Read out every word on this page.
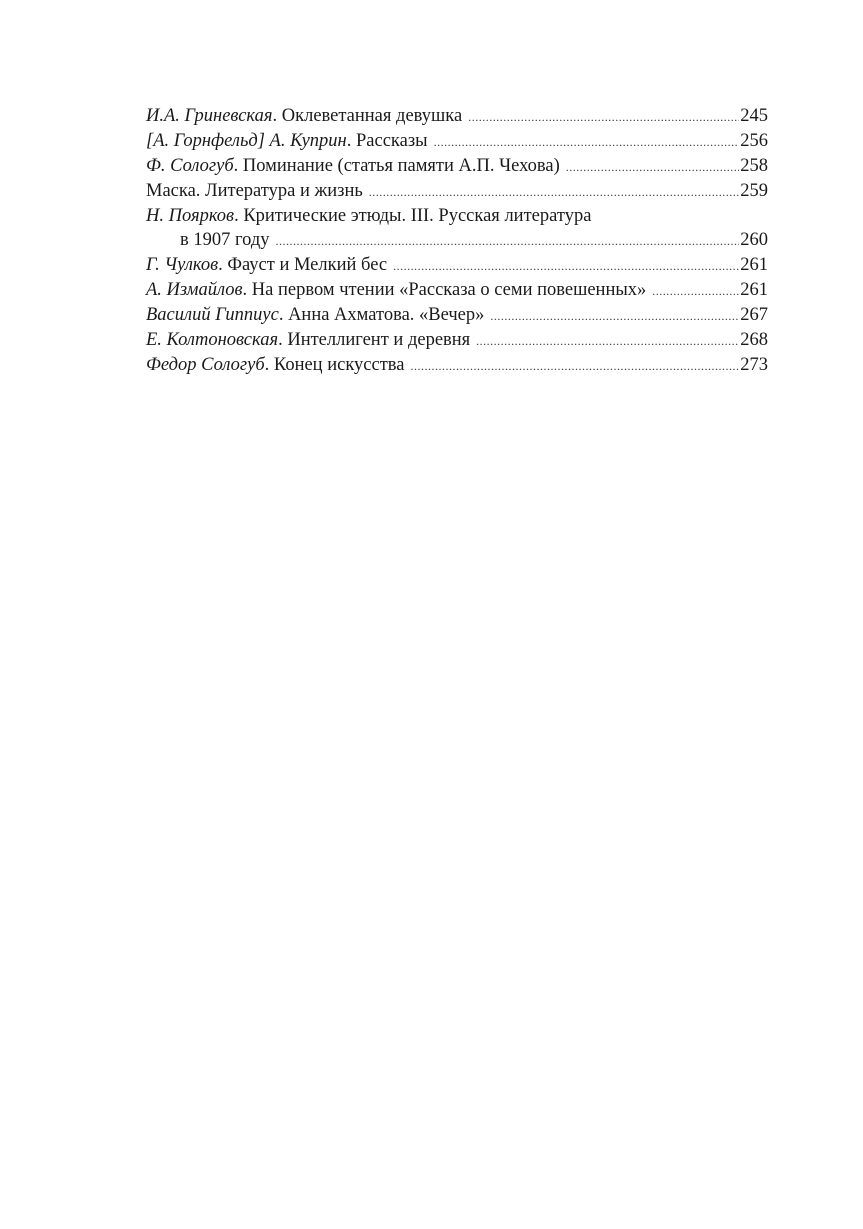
И.А. Гриневская. Оклеветанная девушка .....	245
[А. Горнфельд] А. Куприн. Рассказы .....	256
Ф. Сологуб. Поминание (статья памяти А.П. Чехова) .....	258
Маска. Литература и жизнь .....	259
Н. Поярков. Критические этюды. III. Русская литература
в 1907 году .....	260
Г. Чулков. Фауст и Мелкий бес .....	261
А. Измайлов. На первом чтении «Рассказа о семи повешенных» .....	261
Василий Гиппиус. Анна Ахматова. «Вечер» .....	267
Е. Колтоновская. Интеллигент и деревня .....	268
Федор Сологуб. Конец искусства .....	273
